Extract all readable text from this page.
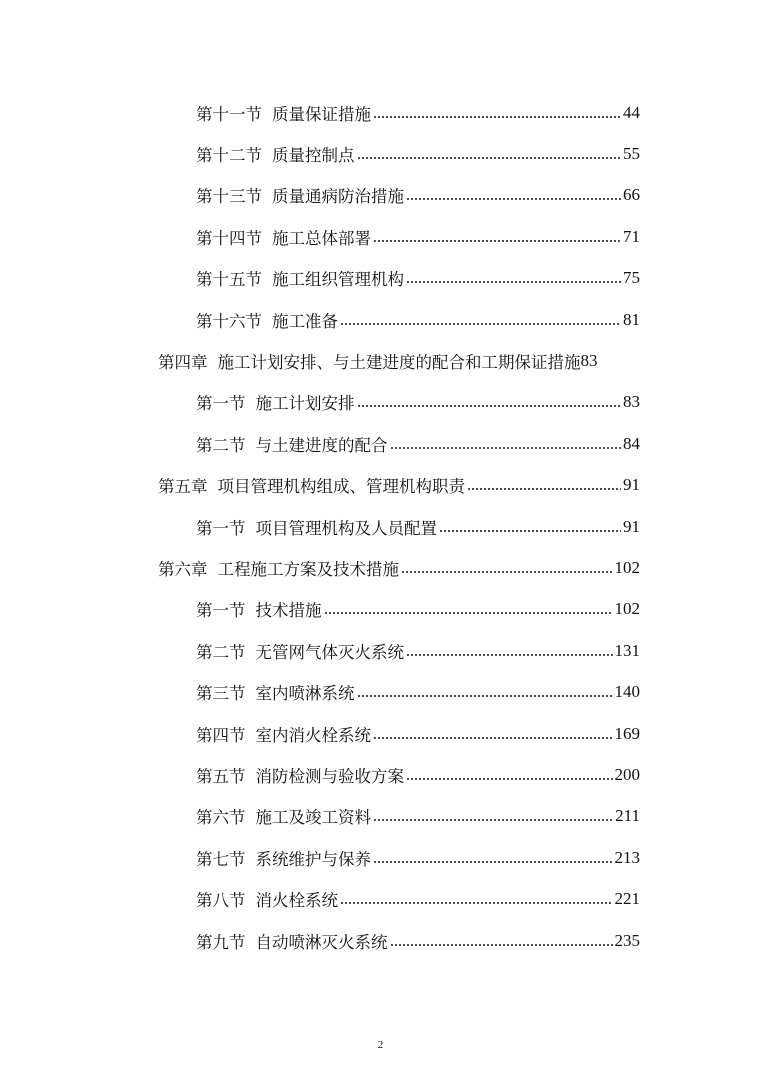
第十一节 质量保证措施	44
第十二节 质量控制点	55
第十三节 质量通病防治措施	66
第十四节 施工总体部署	71
第十五节 施工组织管理机构	75
第十六节 施工准备	81
第四章 施工计划安排、与土建进度的配合和工期保证措施 83
第一节 施工计划安排	83
第二节 与土建进度的配合	84
第五章 项目管理机构组成、管理机构职责	91
第一节 项目管理机构及人员配置	91
第六章 工程施工方案及技术措施	102
第一节 技术措施	102
第二节 无管网气体灭火系统	131
第三节 室内喷淋系统	140
第四节 室内消火栓系统	169
第五节 消防检测与验收方案	200
第六节 施工及竣工资料	211
第七节 系统维护与保养	213
第八节 消火栓系统	221
第九节 自动喷淋灭火系统	235
2
